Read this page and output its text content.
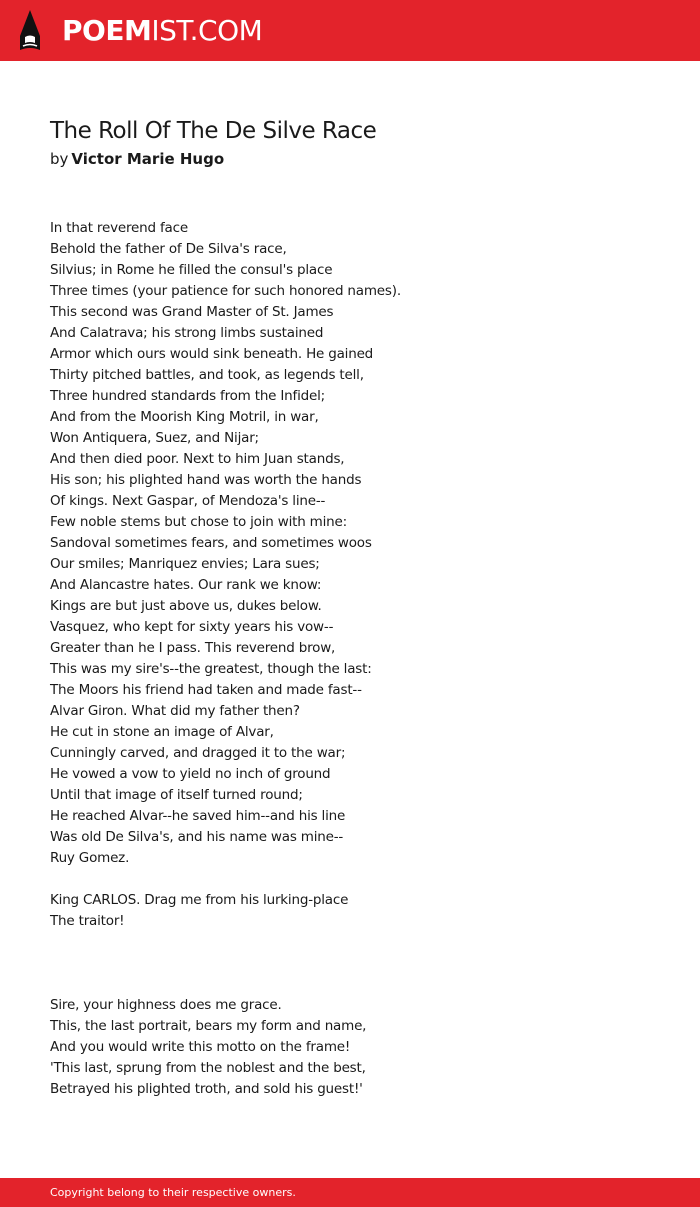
POEMIST.COM
The Roll Of The De Silve Race
by Victor Marie Hugo
In that reverend face
Behold the father of De Silva's race,
Silvius; in Rome he filled the consul's place
Three times (your patience for such honored names).
This second was Grand Master of St. James
And Calatrava; his strong limbs sustained
Armor which ours would sink beneath. He gained
Thirty pitched battles, and took, as legends tell,
Three hundred standards from the Infidel;
And from the Moorish King Motril, in war,
Won Antiquera, Suez, and Nijar;
And then died poor. Next to him Juan stands,
His son; his plighted hand was worth the hands
Of kings. Next Gaspar, of Mendoza's line--
Few noble stems but chose to join with mine:
Sandoval sometimes fears, and sometimes woos
Our smiles; Manriquez envies; Lara sues;
And Alancastre hates. Our rank we know:
Kings are but just above us, dukes below.
Vasquez, who kept for sixty years his vow--
Greater than he I pass. This reverend brow,
This was my sire's--the greatest, though the last:
The Moors his friend had taken and made fast--
Alvar Giron. What did my father then?
He cut in stone an image of Alvar,
Cunningly carved, and dragged it to the war;
He vowed a vow to yield no inch of ground
Until that image of itself turned round;
He reached Alvar--he saved him--and his line
Was old De Silva's, and his name was mine--
Ruy Gomez.
King CARLOS. Drag me from his lurking-place
The traitor!
Sire, your highness does me grace.
This, the last portrait, bears my form and name,
And you would write this motto on the frame!
'This last, sprung from the noblest and the best,
Betrayed his plighted troth, and sold his guest!'
Copyright belong to their respective owners.
